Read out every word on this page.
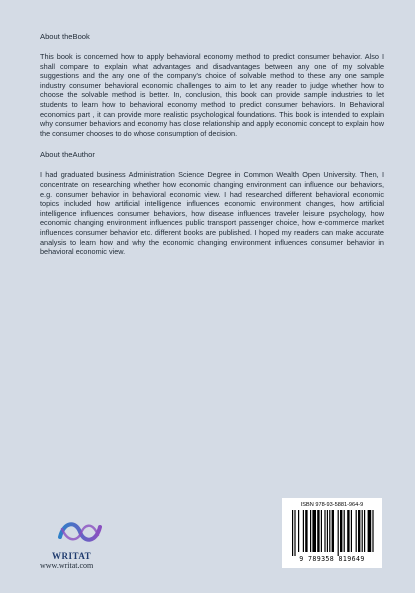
About theBook

This book is concerned how to apply behavioral economy method to predict consumer behavior. Also I shall compare to explain what advantages and disadvantages between any one of my solvable suggestions and the any one of the company's choice of solvable method to these any one sample industry consumer behavioral economic challenges to aim to let any reader to judge whether how to choose the solvable method is better. In, conclusion, this book can provide sample industries to let students to learn how to behavioral economy method to predict consumer behaviors. In Behavioral economics part , it can provide more realistic psychological foundations. This book is intended to explain why consumer behaviors and economy has close relationship and apply economic concept to explain how the consumer chooses to do whose consumption of decision.

About theAuthor

I had graduated business Administration Science Degree in Common Wealth Open University. Then, I concentrate on researching whether how economic changing environment can influence our behaviors, e.g. consumer behavior in behavioral economic view. I had researched different behavioral economic topics included how artificial intelligence influences economic environment changes, how artificial intelligence influences consumer behaviors, how disease influences traveler leisure psychology, how economic changing environment influences public transport passenger choice, how e-commerce market influences consumer behavior etc. different books are published. I hoped my readers can make accurate analysis to learn how and why the economic changing environment influences consumer behavior in behavioral economic view.

WRITAT
www.writat.com
ISBN 978-93-5881-964-9
9 789358 819649
